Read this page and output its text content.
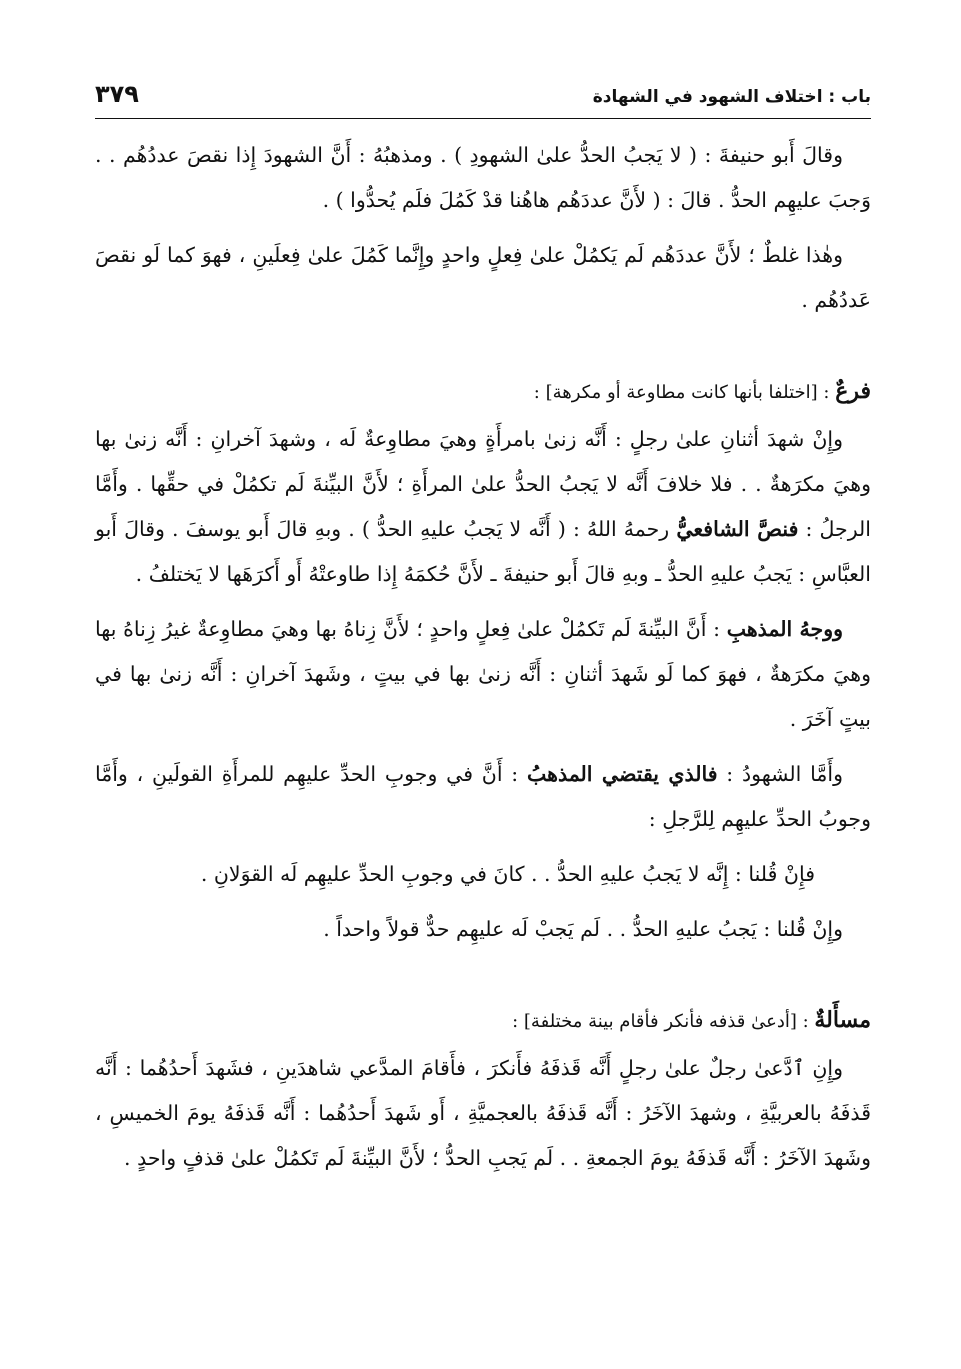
باب : اختلاف الشهود في الشهادة
٣٧٩

وقالَ أَبو حنيفةَ : ( لا يَجبُ الحدُّ علىٰ الشهودِ ) . ومذهبُهُ : أَنَّ الشهودَ إِذا نقصَ عددُهُم . . وَجبَ عليهِم الحدُّ . قالَ : ( لأَنَّ عددَهُم هاهُنا قدْ كَمُلَ فلَم يُحدُّوا ) .

وهٰذا غلطٌ ؛ لأَنَّ عددَهُم لَم يَكمُلْ علىٰ فِعلٍ واحدٍ وإِنَّما كَمُلَ علىٰ فِعلَينِ ، فهوَ كما لَو نقصَ عَددُهُم .

فرعٌ : [اختلفا بأنها كانت مطاوعة أو مكرهة] :

وإِنْ شهدَ أثنانِ علىٰ رجلٍ : أَنَّه زنىٰ بامرأَةٍ وهيَ مطاوِعةٌ لَه ، وشهدَ آخرانِ : أَنَّه زنىٰ بها وهيَ مكرَهةٌ . . فلا خلافَ أَنَّه لا يَجبُ الحدُّ علىٰ المرأَةِ ؛ لأَنَّ البيِّنةَ لَم تكمُلْ في حقِّها . وأَمَّا الرجلُ : فنصَّ الشافعيُّ رحمهُ اللهُ : ( أَنَّه لا يَجبُ عليهِ الحدُّ ) . وبهِ قالَ أَبو يوسفَ . وقالَ أَبو العبَّاسِ : يَجبُ عليهِ الحدُّ ـ وبهِ قالَ أَبو حنيفةَ ـ لأَنَّ حُكمَهُ إِذا طاوعتْهُ أَو أَكرَهَها لا يَختلفُ .

ووجهُ المذهبِ : أَنَّ البيِّنةَ لَم تَكمُلْ علىٰ فِعلٍ واحدٍ ؛ لأَنَّ زِناهُ بها وهيَ مطاوِعةٌ غيرُ زِناهُ بها وهيَ مكرَهةٌ ، فهوَ كما لَو شَهدَ أثنانِ : أَنَّه زنىٰ بها في بيتٍ ، وشَهدَ آخرانِ : أَنَّه زنىٰ بها في بيتٍ آخَرَ .

وأَمَّا الشهودُ : فالذي يقتضي المذهبُ : أَنَّ في وجوبِ الحدِّ عليهِم للمرأَةِ القولَينِ ، وأَمَّا وجوبُ الحدِّ عليهِم لِلرَّجلِ :

فإِنْ قُلنا : إِنَّه لا يَجبُ عليهِ الحدُّ . . كانَ في وجوبِ الحدِّ عليهِم لَه القوَلانِ .

وإِنْ قُلنا : يَجبُ عليهِ الحدُّ . . لَم يَجبْ لَه عليهِم حدٌّ قولاً واحداً .

مسأَلةٌ : [أدعىٰ قذفه فأنكر فأقام بينة مختلفة] :

وإِنِ ٱدَّعىٰ رجلٌ علىٰ رجلٍ أَنَّه قَذفَهُ فأَنكرَ ، فأَقامَ المدَّعي شاهدَينِ ، فشَهدَ أَحدُهُما : أَنَّه قَذفَهُ بالعربيَّةِ ، وشهدَ الآخَرُ : أَنَّه قَذفَهُ بالعجميَّةِ ، أَو شَهدَ أَحدُهُما : أَنَّه قَذفَهُ يومَ الخميسِ ، وشَهدَ الآخَرُ : أَنَّه قَذفَهُ يومَ الجمعةِ . . لَم يَجبِ الحدُّ ؛ لأَنَّ البيِّنةَ لَم تَكمُلْ علىٰ قذفٍ واحدٍ .
